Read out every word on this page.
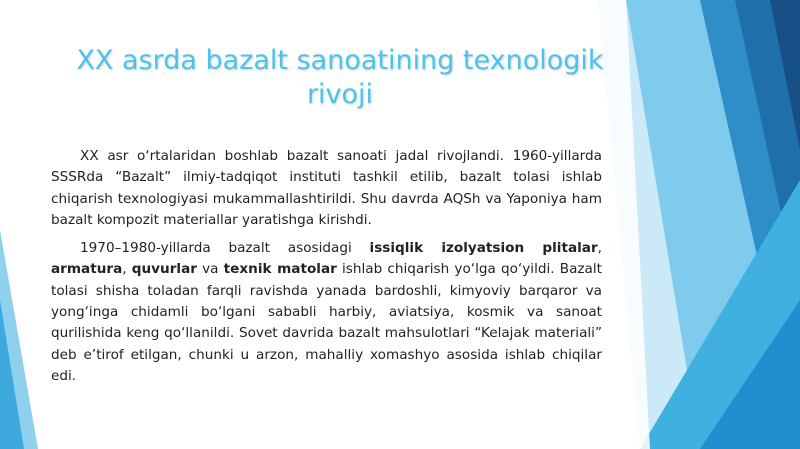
XX asrda bazalt sanoatining texnologik rivoji

XX asr o‘rtalaridan boshlab bazalt sanoati jadal rivojlandi. 1960-yillarda SSSRda “Bazalt” ilmiy-tadqiqot instituti tashkil etilib, bazalt tolasi ishlab chiqarish texnologiyasi mukammallashtirildi. Shu davrda AQSh va Yaponiya ham bazalt kompozit materiallar yaratishga kirishdi.

1970–1980-yillarda bazalt asosidagi issiqlik izolyatsion plitalar, armatura, quvurlar va texnik matolar ishlab chiqarish yo‘lga qo‘yildi. Bazalt tolasi shisha toladan farqli ravishda yanada bardoshli, kimyoviy barqaror va yong‘inga chidamli bo‘lgani sababli harbiy, aviatsiya, kosmik va sanoat qurilishida keng qo‘llanildi. Sovet davrida bazalt mahsulotlari “Kelajak materiali” deb e’tirof etilgan, chunki u arzon, mahalliy xomashyo asosida ishlab chiqilar edi.
